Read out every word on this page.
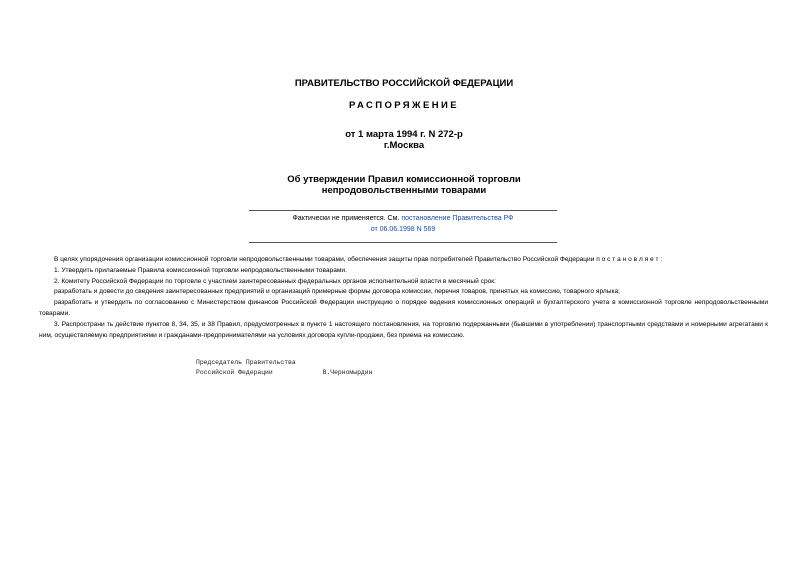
ПРАВИТЕЛЬСТВО РОССИЙСКОЙ ФЕДЕРАЦИИ
РАСПОРЯЖЕНИЕ
от 1 марта 1994 г. N 272-р
г.Москва
Об утверждении Правил комиссионной торговли
непродовольственными товарами
Фактически не применяется. См. постановление Правительства РФ
от 06.06.1998 N 569

В целях упорядочения организации комиссионной торговли непродовольственными товарами, обеспечения защиты прав потребителей Правительство Российской Федерации п о с т а н о в л я е т :

1. Утвердить прилагаемые Правила комиссионной торговли непродовольственными товарами.

2. Комитету Российской Федерации по торговле с участием заинтересованных федеральных органов исполнительной власти в месячный срок:

разработать и довести до сведения заинтересованных предприятий и организаций примерные формы договора комиссии, перечня товаров, принятых на комиссию, товарного ярлыка;

разработать и утвердить по согласованию с Министерством финансов Российской Федерации инструкцию о порядке ведения комиссионных операций и бухгалтерского учета в комиссионной торговле непродовольственными товарами.

3. Распространи ть действие пунктов 8, 34, 35, и 38 Правил, предусмотренных в пункте 1 настоящего постановления, на торговлю подержанными (бывшими в употреблении) транспортными средствами и номерными агрегатами к ним, осуществляемую предприятиями и гражданами-предпринимателями на условиях договора купли-продажи, без приема на комиссию.

Председатель Правительства
Российской Федерации	В.Черномырдин
